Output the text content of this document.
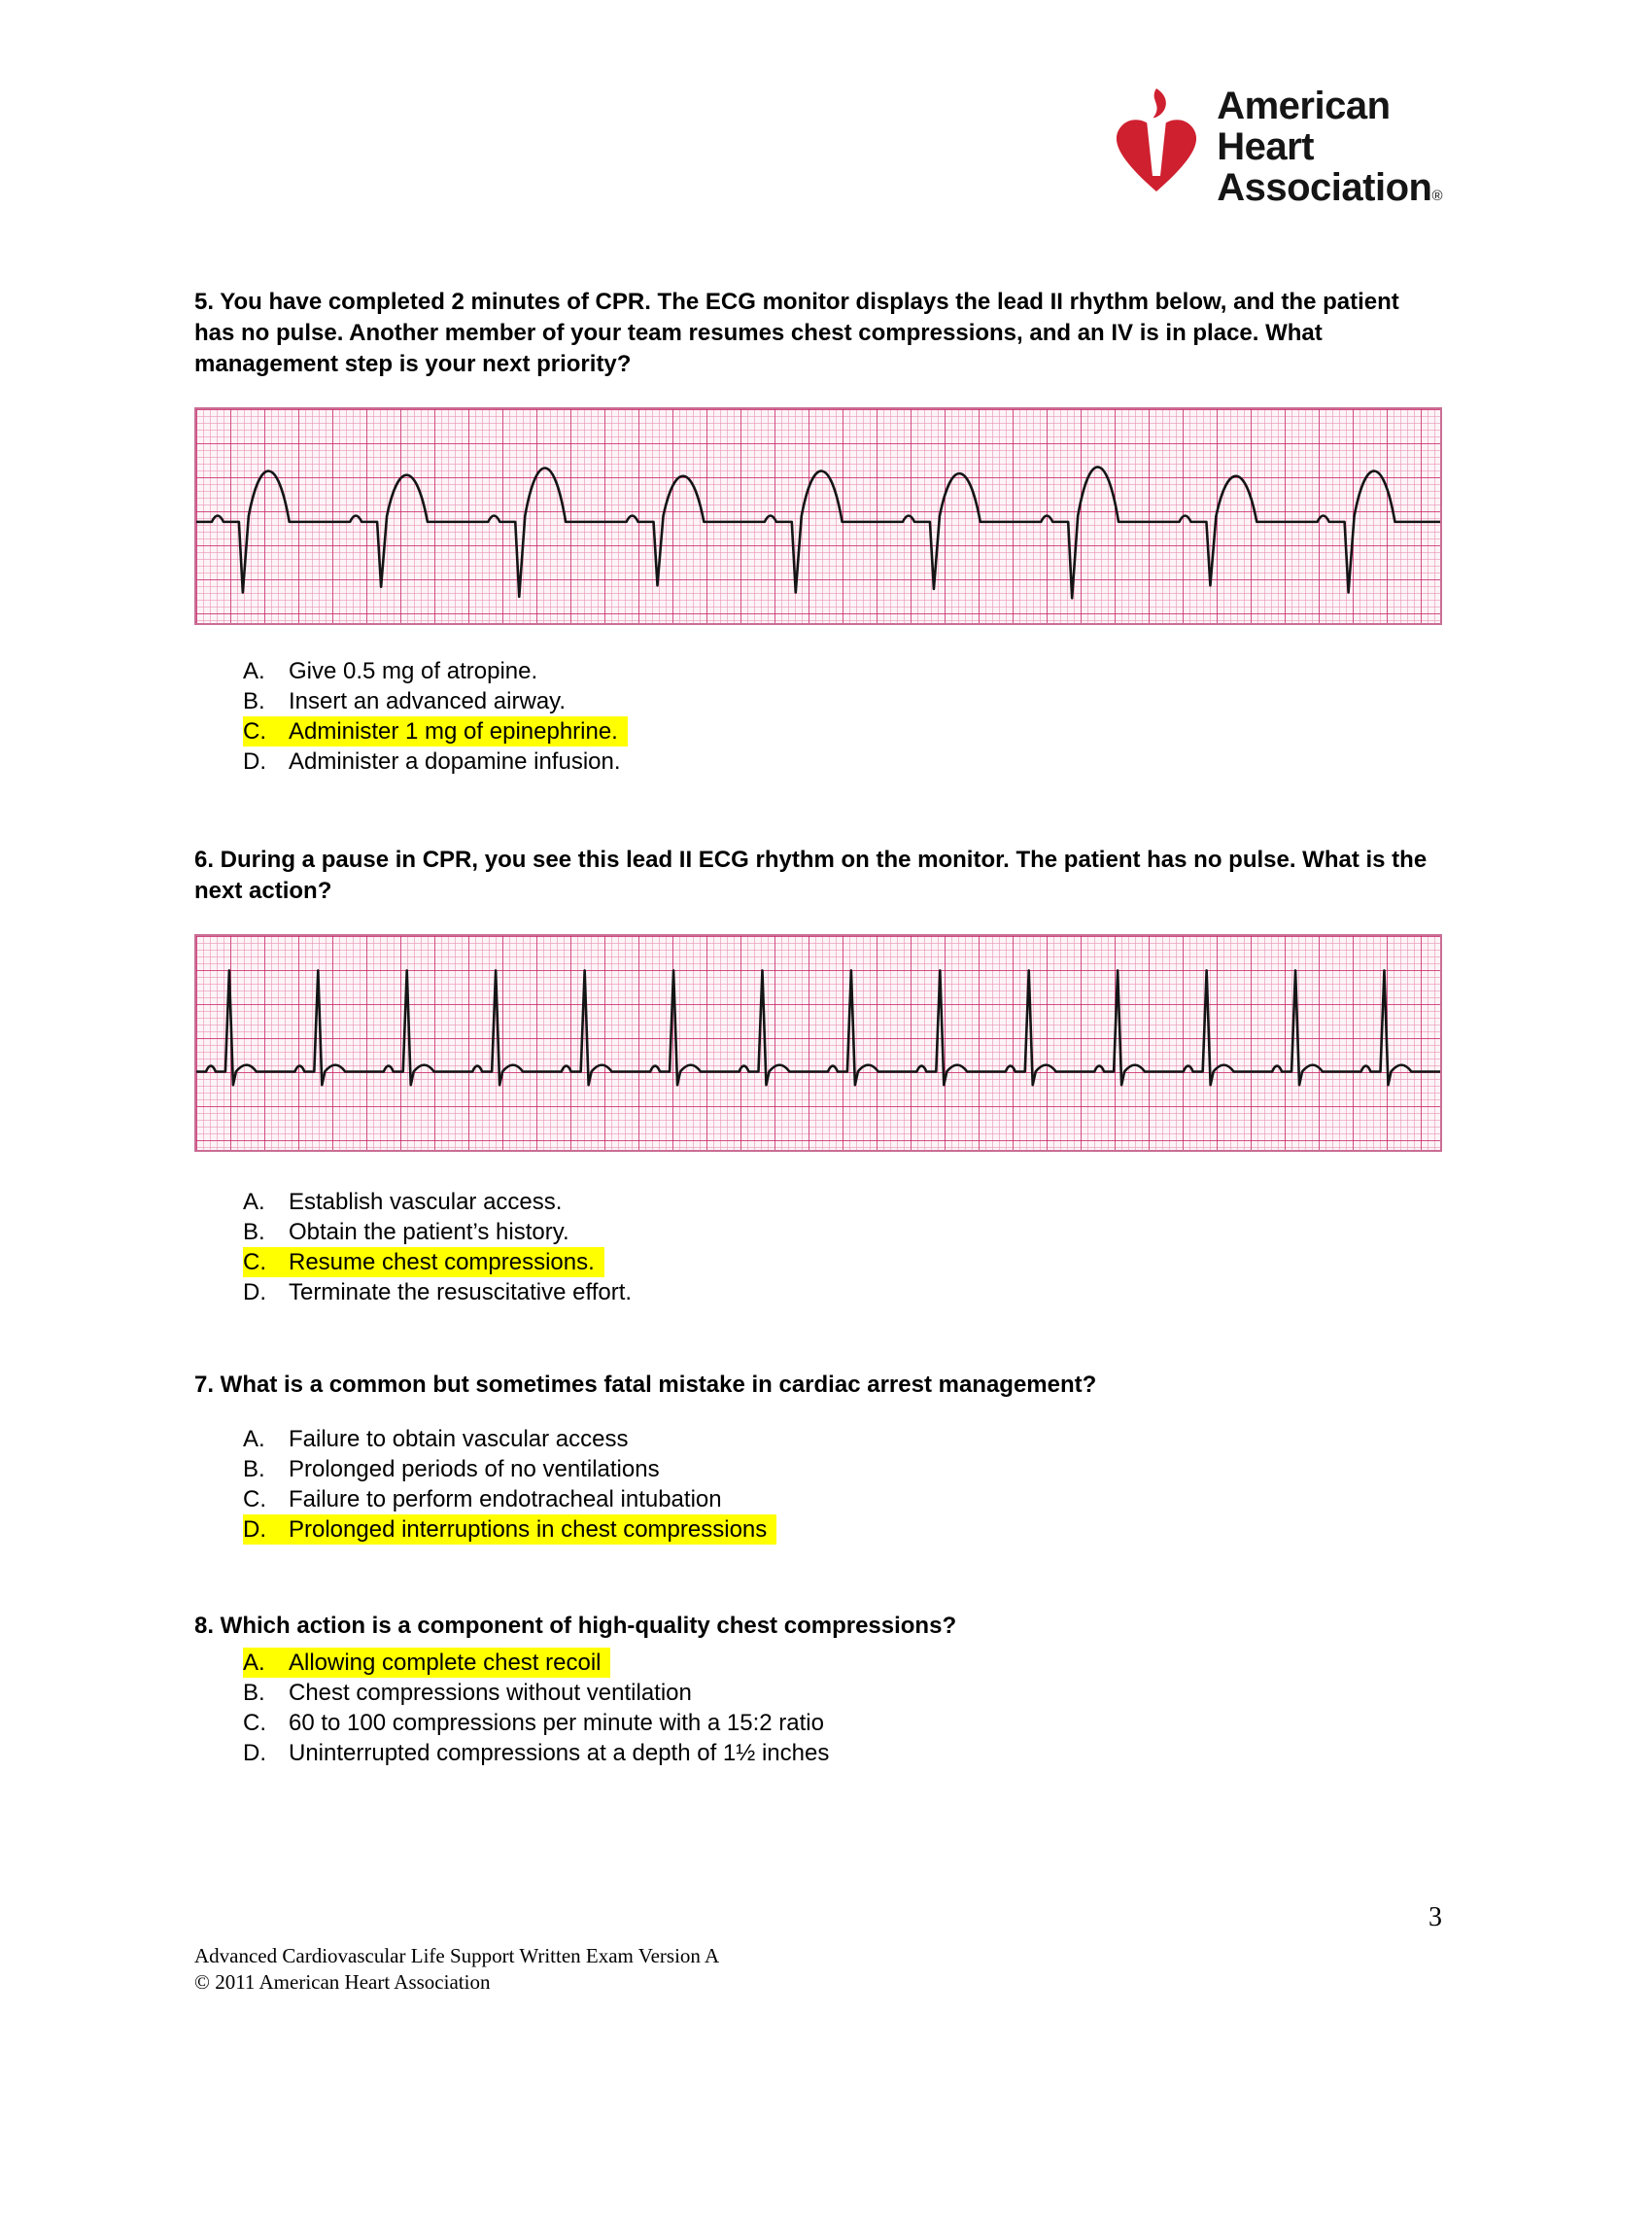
American
Heart
Association®

5. You have completed 2 minutes of CPR. The ECG monitor displays the lead II rhythm below, and the patient has no pulse. Another member of your team resumes chest compressions, and an IV is in place. What management step is your next priority?

A.	Give 0.5 mg of atropine.
B.	Insert an advanced airway.
C. Administer 1 mg of epinephrine.
D. Administer a dopamine infusion.

6. During a pause in CPR, you see this lead II ECG rhythm on the monitor. The patient has no pulse. What is the next action?

A.	Establish vascular access.
B.	Obtain the patient’s history.
C. Resume chest compressions.
D. Terminate the resuscitative effort.

7. What is a common but sometimes fatal mistake in cardiac arrest management?

A.	Failure to obtain vascular access
B.	Prolonged periods of no ventilations
C. Failure to perform endotracheal intubation
D. Prolonged interruptions in chest compressions

8. Which action is a component of high-quality chest compressions?

A.	Allowing complete chest recoil
B.	Chest compressions without ventilation
C. 60 to 100 compressions per minute with a 15:2 ratio
D. Uninterrupted compressions at a depth of 1½ inches
3
Advanced Cardiovascular Life Support Written Exam Version A
© 2011 American Heart Association
